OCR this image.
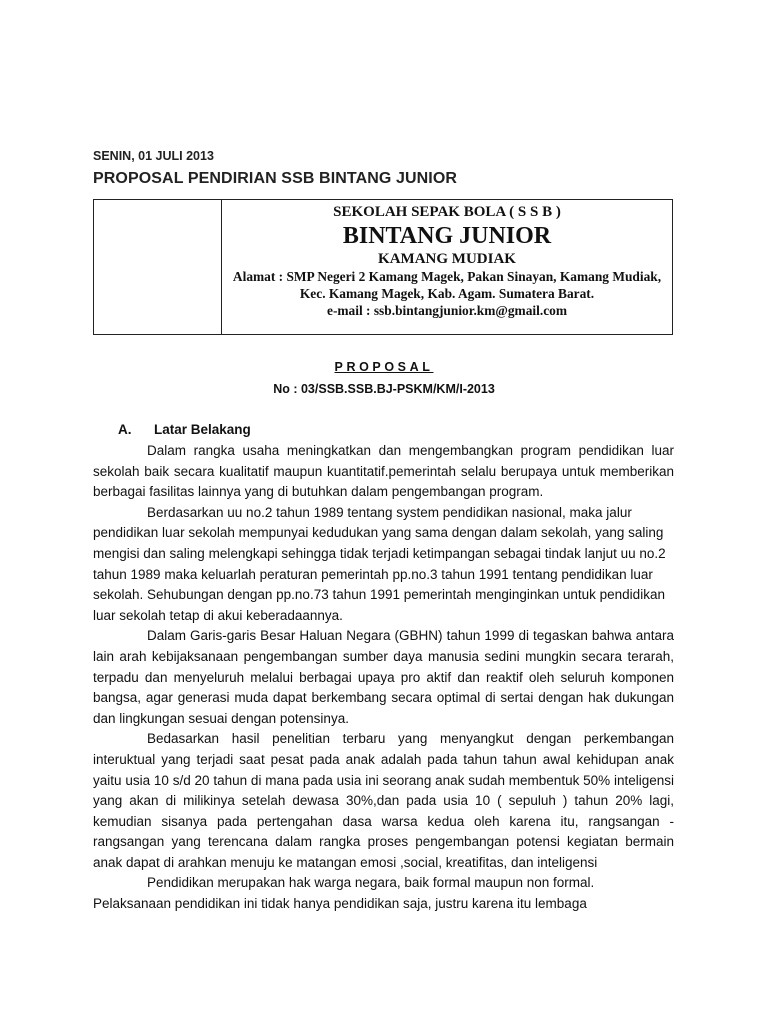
SENIN, 01 JULI 2013

PROPOSAL PENDIRIAN SSB BINTANG JUNIOR

SEKOLAH SEPAK BOLA ( S S B )
BINTANG JUNIOR
KAMANG MUDIAK
Alamat : SMP Negeri 2 Kamang Magek, Pakan Sinayan, Kamang Mudiak,
Kec. Kamang Magek, Kab. Agam. Sumatera Barat.
e-mail : ssb.bintangjunior.km@gmail.com

PROPOSAL

No : 03/SSB.SSB.BJ-PSKM/KM/I-2013

A. Latar Belakang

Dalam rangka usaha meningkatkan dan mengembangkan program pendidikan luar sekolah baik secara kualitatif maupun kuantitatif.pemerintah selalu berupaya untuk memberikan berbagai fasilitas lainnya yang di butuhkan dalam pengembangan program.

Berdasarkan uu no.2 tahun 1989 tentang system pendidikan nasional, maka jalur pendidikan luar sekolah mempunyai kedudukan yang sama dengan dalam sekolah, yang saling mengisi dan saling melengkapi sehingga tidak terjadi ketimpangan sebagai tindak lanjut uu no.2 tahun 1989 maka keluarlah peraturan pemerintah pp.no.3 tahun 1991 tentang pendidikan luar sekolah. Sehubungan dengan pp.no.73 tahun 1991 pemerintah menginginkan untuk pendidikan luar sekolah tetap di akui keberadaannya.

Dalam Garis-garis Besar Haluan Negara (GBHN) tahun 1999 di tegaskan bahwa antara lain arah kebijaksanaan pengembangan sumber daya manusia sedini mungkin secara terarah, terpadu dan menyeluruh melalui berbagai upaya pro aktif dan reaktif oleh seluruh komponen bangsa, agar generasi muda dapat berkembang secara optimal di sertai dengan hak dukungan dan lingkungan sesuai dengan potensinya.

Bedasarkan hasil penelitian terbaru yang menyangkut dengan perkembangan interuktual yang terjadi saat pesat pada anak adalah pada tahun tahun awal kehidupan anak yaitu usia 10 s/d 20 tahun di mana pada usia ini seorang anak sudah membentuk 50% inteligensi yang akan di milikinya setelah dewasa 30%,dan pada usia 10 ( sepuluh ) tahun 20% lagi, kemudian sisanya pada pertengahan dasa warsa kedua oleh karena itu, rangsangan - rangsangan yang terencana dalam rangka proses pengembangan potensi kegiatan bermain anak dapat di arahkan menuju ke matangan emosi ,social, kreatifitas, dan inteligensi

Pendidikan merupakan hak warga negara, baik formal maupun non formal. Pelaksanaan pendidikan ini tidak hanya pendidikan saja, justru karena itu lembaga
